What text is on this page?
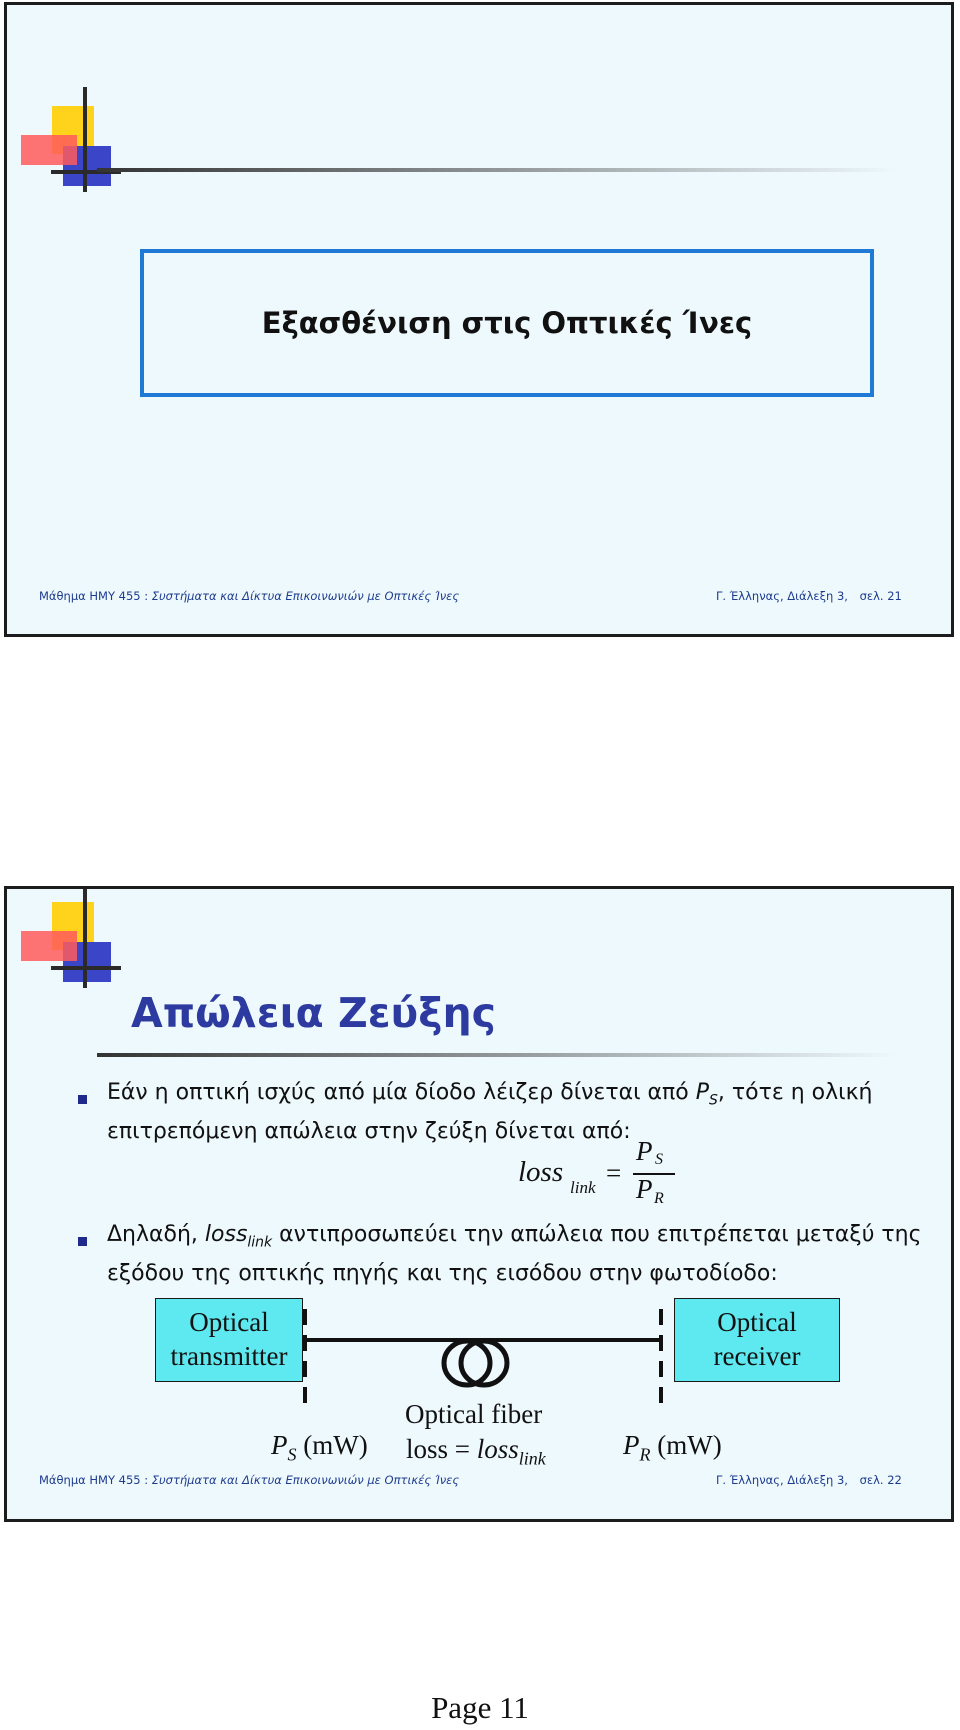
Εξασθένιση στις Οπτικές Ίνες
Μάθημα ΗΜΥ 455 : Συστήματα και Δίκτυα Επικοινωνιών με Οπτικές Ίνες	Γ. Έλληνας, Διάλεξη 3, σελ. 21
Απώλεια Ζεύξης
Εάν η οπτική ισχύς από μία δίοδο λέιζερ δίνεται από $P_S$, τότε η ολική επιτρεπόμενη απώλεια στην ζεύξη δίνεται από:
loss link =
P S
P R
Δηλαδή, loss$_{link}$ αντιπροσωπεύει την απώλεια που επιτρέπεται μεταξύ της εξόδου της οπτικής πηγής και της εισόδου στην φωτοδίοδο:
Optical
transmitter
Optical
receiver
Optical fiber
loss = loss$_{link}$
$P_S$ (mW)	$P_R$ (mW)
Μάθημα ΗΜΥ 455 : Συστήματα και Δίκτυα Επικοινωνιών με Οπτικές Ίνες	Γ. Έλληνας, Διάλεξη 3, σελ. 22
Page 11
